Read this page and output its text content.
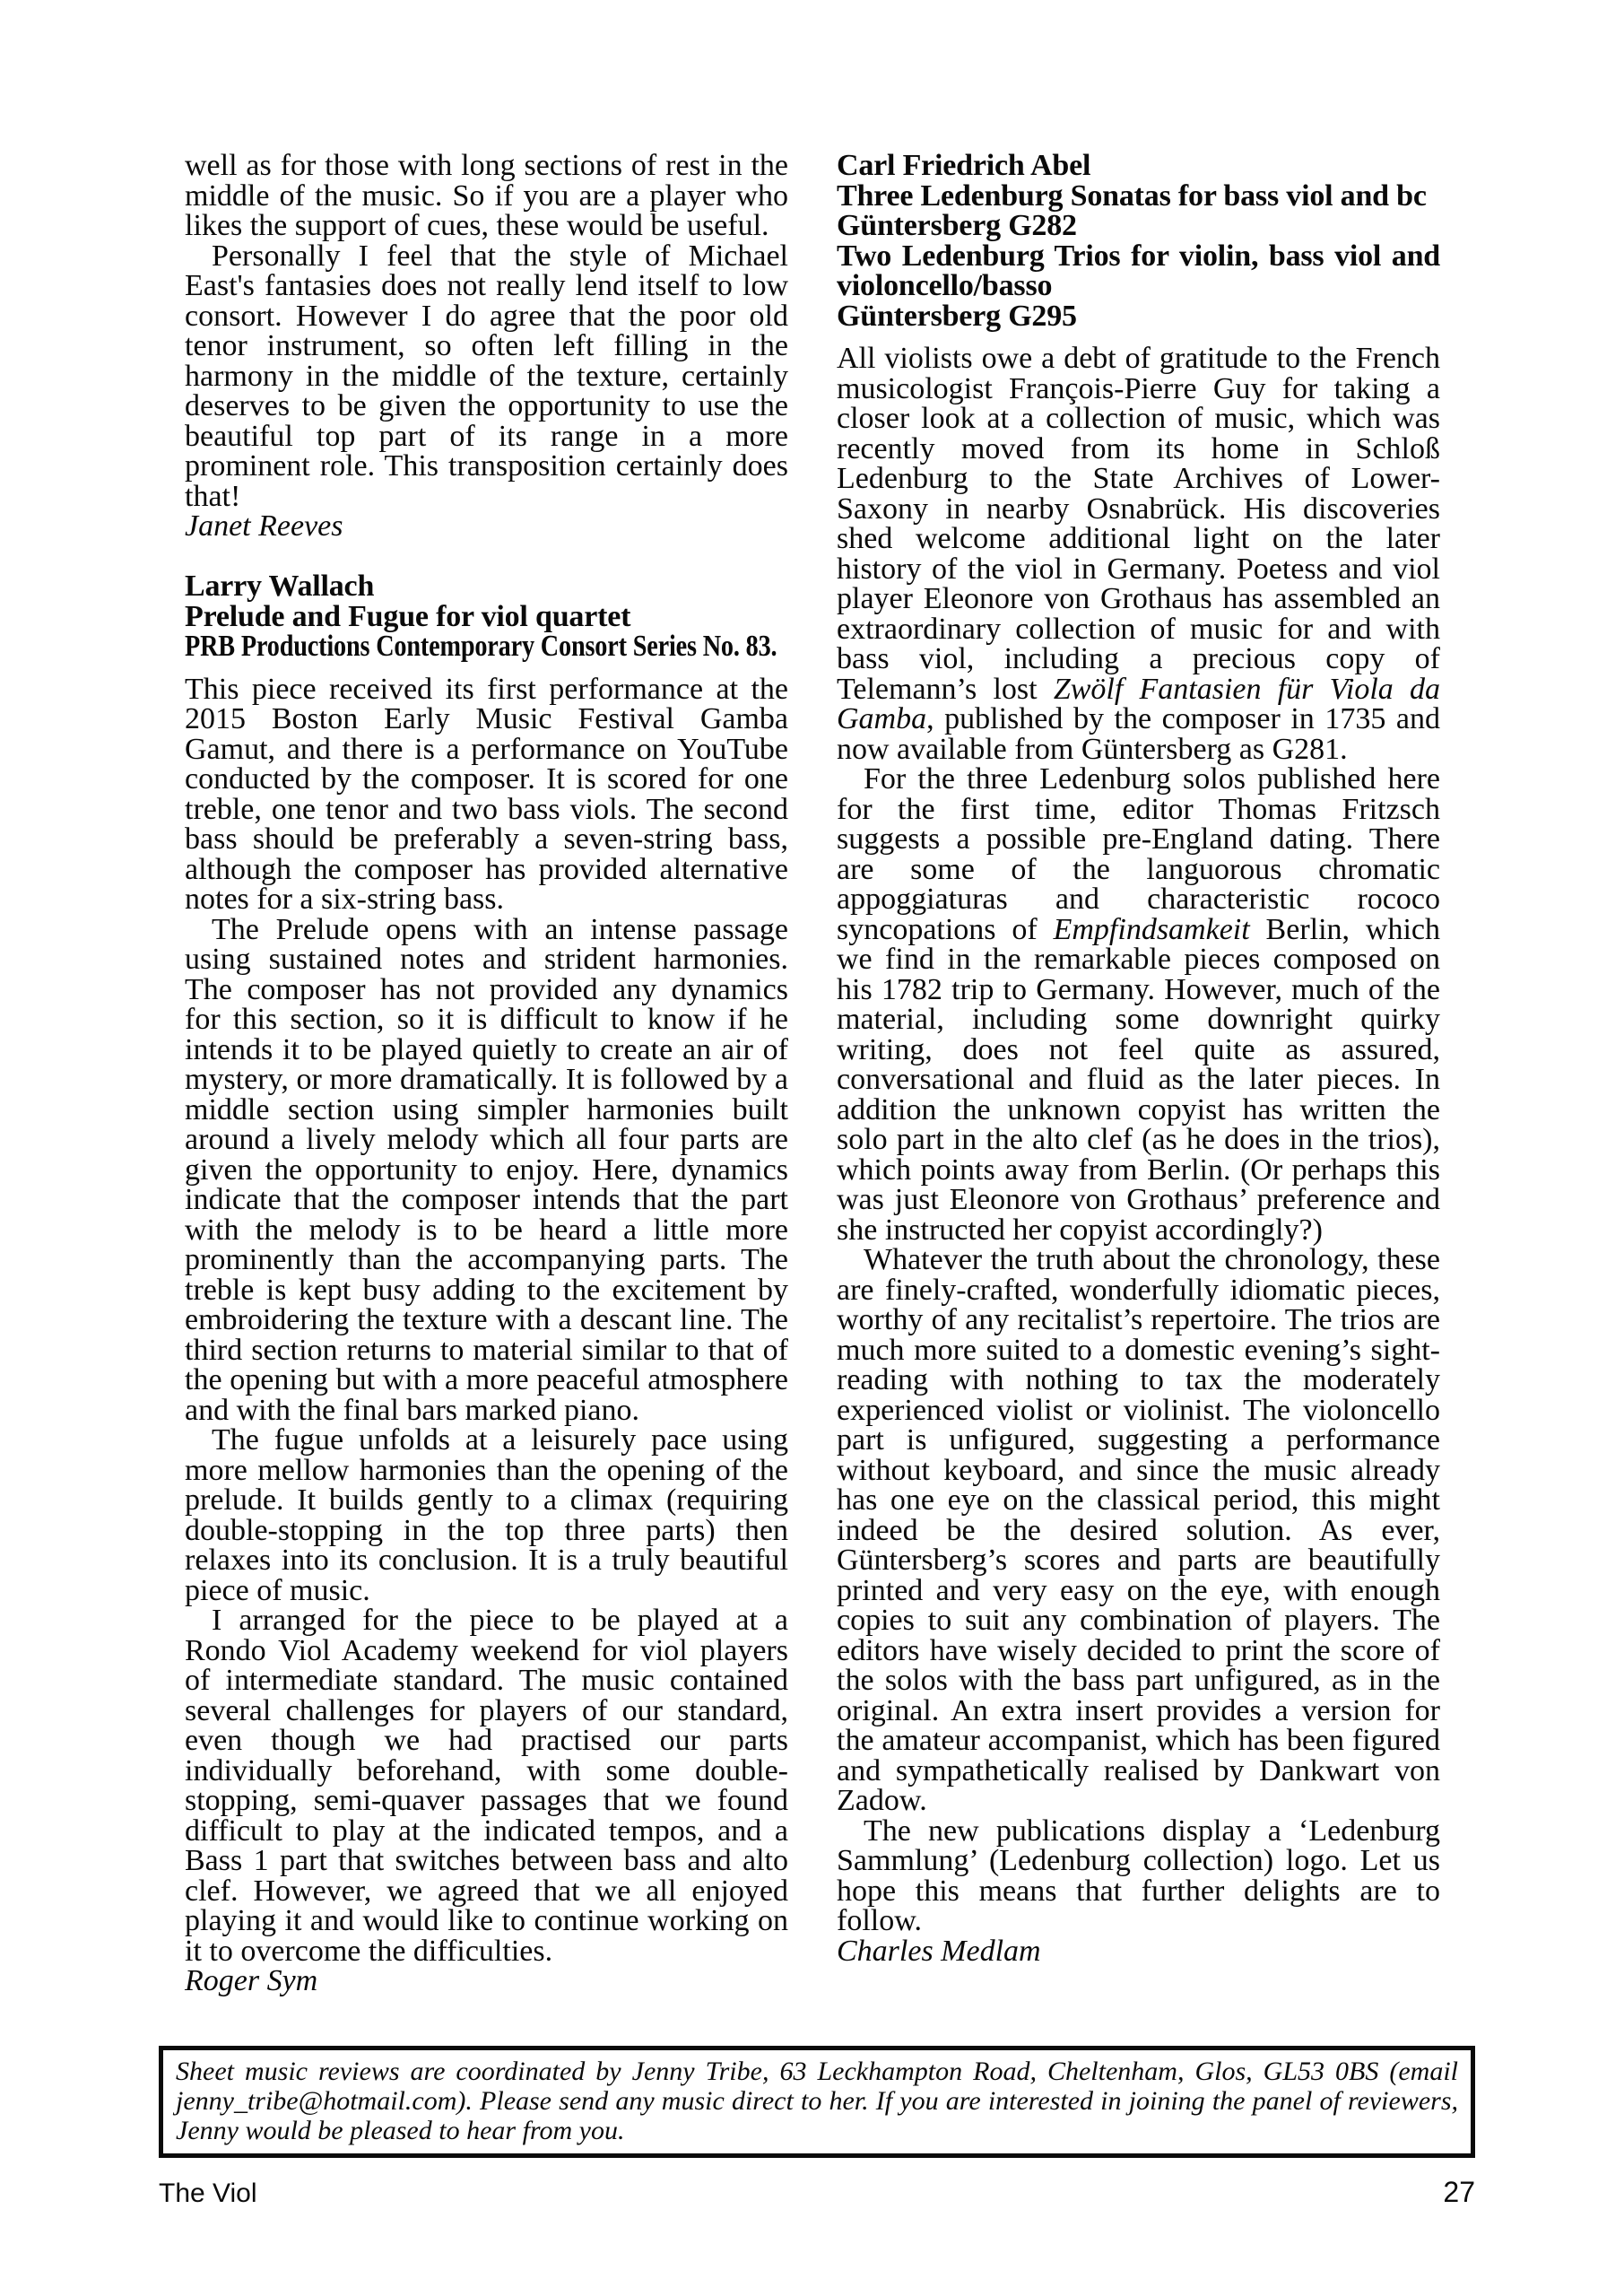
well as for those with long sections of rest in the middle of the music. So if you are a player who likes the support of cues, these would be useful.

Personally I feel that the style of Michael East's fantasies does not really lend itself to low consort. However I do agree that the poor old tenor instrument, so often left filling in the harmony in the middle of the texture, certainly deserves to be given the opportunity to use the beautiful top part of its range in a more prominent role. This transposition certainly does that!

Janet Reeves

Larry Wallach

Prelude and Fugue for viol quartet

PRB Productions Contemporary Consort Series No. 83.

This piece received its first performance at the 2015 Boston Early Music Festival Gamba Gamut, and there is a performance on YouTube conducted by the composer. It is scored for one treble, one tenor and two bass viols. The second bass should be preferably a seven-string bass, although the composer has provided alternative notes for a six-string bass.

The Prelude opens with an intense passage using sustained notes and strident harmonies. The composer has not provided any dynamics for this section, so it is difficult to know if he intends it to be played quietly to create an air of mystery, or more dramatically. It is followed by a middle section using simpler harmonies built around a lively melody which all four parts are given the opportunity to enjoy. Here, dynamics indicate that the composer intends that the part with the melody is to be heard a little more prominently than the accompanying parts. The treble is kept busy adding to the excitement by embroidering the texture with a descant line. The third section returns to material similar to that of the opening but with a more peaceful atmosphere and with the final bars marked piano.

The fugue unfolds at a leisurely pace using more mellow harmonies than the opening of the prelude. It builds gently to a climax (requiring double-stopping in the top three parts) then relaxes into its conclusion. It is a truly beautiful piece of music.

I arranged for the piece to be played at a Rondo Viol Academy weekend for viol players of intermediate standard. The music contained several challenges for players of our standard, even though we had practised our parts individually beforehand, with some double-stopping, semi-quaver passages that we found difficult to play at the indicated tempos, and a Bass 1 part that switches between bass and alto clef. However, we agreed that we all enjoyed playing it and would like to continue working on it to overcome the difficulties.

Roger Sym

Carl Friedrich Abel

Three Ledenburg Sonatas for bass viol and bc

Güntersberg G282

Two Ledenburg Trios for violin, bass viol and violoncello/basso

Güntersberg G295

All violists owe a debt of gratitude to the French musicologist François-Pierre Guy for taking a closer look at a collection of music, which was recently moved from its home in Schloß Ledenburg to the State Archives of Lower-Saxony in nearby Osnabrück. His discoveries shed welcome additional light on the later history of the viol in Germany. Poetess and viol player Eleonore von Grothaus has assembled an extraordinary collection of music for and with bass viol, including a precious copy of Telemann’s lost Zwölf Fantasien für Viola da Gamba, published by the composer in 1735 and now available from Güntersberg as G281.

For the three Ledenburg solos published here for the first time, editor Thomas Fritzsch suggests a possible pre-England dating. There are some of the languorous chromatic appoggiaturas and characteristic rococo syncopations of Empfindsamkeit Berlin, which we find in the remarkable pieces composed on his 1782 trip to Germany. However, much of the material, including some downright quirky writing, does not feel quite as assured, conversational and fluid as the later pieces. In addition the unknown copyist has written the solo part in the alto clef (as he does in the trios), which points away from Berlin. (Or perhaps this was just Eleonore von Grothaus’ preference and she instructed her copyist accordingly?)

Whatever the truth about the chronology, these are finely-crafted, wonderfully idiomatic pieces, worthy of any recitalist’s repertoire. The trios are much more suited to a domestic evening’s sight-reading with nothing to tax the moderately experienced violist or violinist. The violoncello part is unfigured, suggesting a performance without keyboard, and since the music already has one eye on the classical period, this might indeed be the desired solution. As ever, Güntersberg’s scores and parts are beautifully printed and very easy on the eye, with enough copies to suit any combination of players. The editors have wisely decided to print the score of the solos with the bass part unfigured, as in the original. An extra insert provides a version for the amateur accompanist, which has been figured and sympathetically realised by Dankwart von Zadow.

The new publications display a ‘Ledenburg Sammlung’ (Ledenburg collection) logo. Let us hope this means that further delights are to follow.

Charles Medlam

Sheet music reviews are coordinated by Jenny Tribe, 63 Leckhampton Road, Cheltenham, Glos, GL53 0BS (email jenny_tribe@hotmail.com). Please send any music direct to her. If you are interested in joining the panel of reviewers, Jenny would be pleased to hear from you.

The Viol	27
